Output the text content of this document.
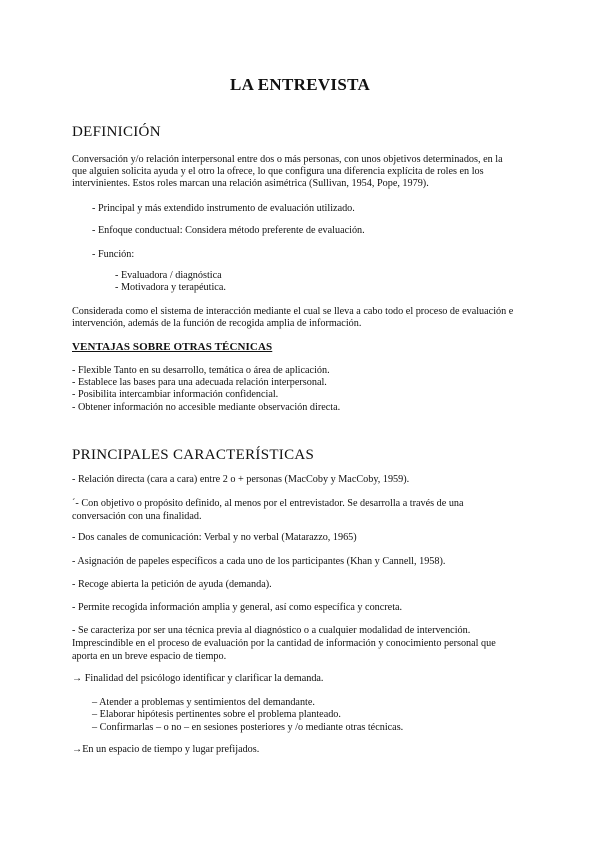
LA ENTREVISTA
DEFINICIÓN
Conversación y/o relación interpersonal entre dos o más personas, con unos objetivos determinados, en la
que alguien solicita ayuda y el otro la ofrece, lo que configura una diferencia explícita de roles en los
intervinientes. Estos roles marcan una relación asimétrica (Sullivan, 1954, Pope, 1979).
- Principal y más extendido instrumento de evaluación utilizado.
- Enfoque conductual: Considera método preferente de evaluación.
- Función:
- Evaluadora / diagnóstica
- Motivadora y terapéutica.
Considerada como el sistema de interacción mediante el cual se lleva a cabo todo el proceso de evaluación e
intervención, además de la función de recogida amplia de información.
VENTAJAS SOBRE OTRAS TÉCNICAS
- Flexible Tanto en su desarrollo, temática o área de aplicación.
- Establece las bases para una adecuada relación interpersonal.
- Posibilita intercambiar información confidencial.
- Obtener información no accesible mediante observación directa.
PRINCIPALES CARACTERÍSTICAS
- Relación directa (cara a cara) entre 2 o + personas (MacCoby y MacCoby, 1959).
´- Con objetivo o propósito definido, al menos por el entrevistador. Se desarrolla a través de una
conversación con una finalidad.
- Dos canales de comunicación: Verbal y no verbal (Matarazzo, 1965)
- Asignación de papeles específicos a cada uno de los participantes (Khan y Cannell, 1958).
- Recoge abierta la petición de ayuda (demanda).
- Permite recogida información amplia y general, así como específica y concreta.
- Se caracteriza por ser una técnica previa al diagnóstico o a cualquier modalidad de intervención.
Imprescindible en el proceso de evaluación por la cantidad de información y conocimiento personal que
aporta en un breve espacio de tiempo.
→ Finalidad del psicólogo identificar y clarificar la demanda.
– Atender a problemas y sentimientos del demandante.
– Elaborar hipótesis pertinentes sobre el problema planteado.
– Confirmarlas – o no – en sesiones posteriores y /o mediante otras técnicas.
→En un espacio de tiempo y lugar prefijados.
